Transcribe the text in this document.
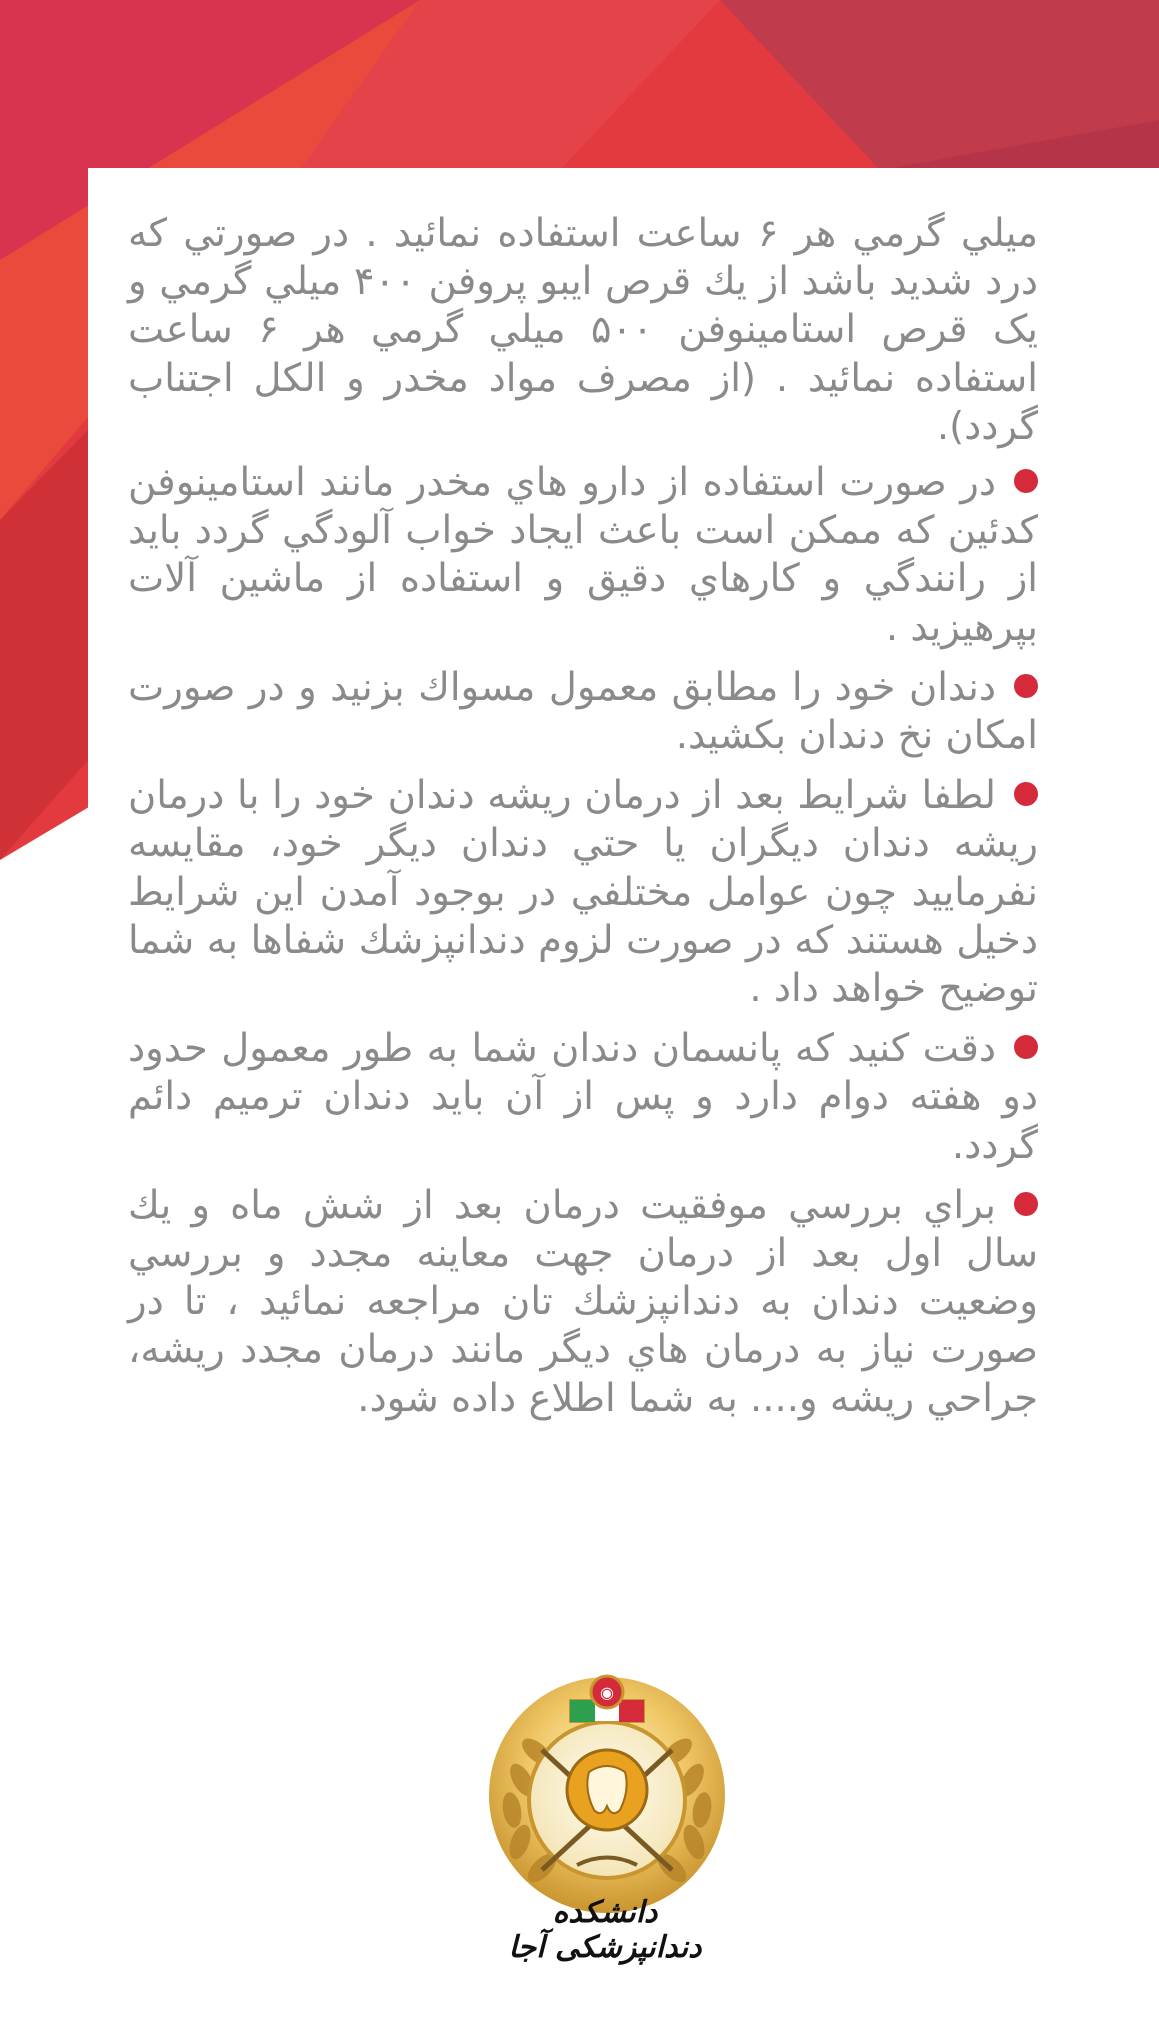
ميلي گرمي هر ۶ ساعت استفاده نمائيد . در صورتي كه درد شديد باشد از يك قرص ايبو پروفن ۴۰۰ ميلي گرمي و يک قرص استامينوفن ۵۰۰ ميلي گرمي هر ۶ ساعت استفاده نمائيد . (از مصرف مواد مخدر و الكل اجتناب گردد).

در صورت استفاده از دارو هاي مخدر مانند استامينوفن كدئين كه ممكن است باعث ايجاد خواب آلودگي گردد بايد از رانندگي و كارهاي دقيق و استفاده از ماشين آلات بپرهيزيد .

دندان خود را مطابق معمول مسواك بزنيد و در صورت امكان نخ دندان بكشيد.

لطفا شرايط بعد از درمان ريشه دندان خود را با درمان ريشه دندان ديگران يا حتي دندان ديگر خود، مقايسه نفرماييد چون عوامل مختلفي در بوجود آمدن اين شرايط دخيل هستند كه در صورت لزوم دندانپزشك شفاها به شما توضيح خواهد داد .

دقت كنيد كه پانسمان دندان شما به طور معمول حدود دو هفته دوام دارد و پس از آن بايد دندان ترميم دائم گردد.

براي بررسي موفقيت درمان بعد از شش ماه و يك سال اول بعد از درمان جهت معاينه مجدد و بررسي وضعيت دندان به دندانپزشك تان مراجعه نمائيد ، تا در صورت نياز به درمان هاي ديگر مانند درمان مجدد ريشه، جراحي ريشه و.... به شما اطلاع داده شود.

◉
دانشکده دندانپزشکی آجا
